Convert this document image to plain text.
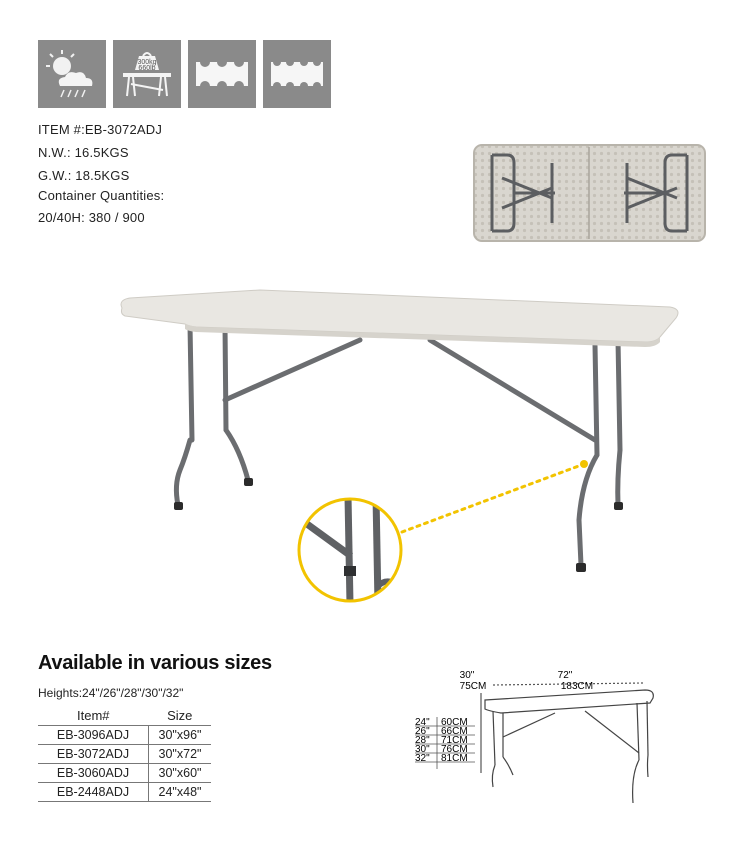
300kg
660lb
ITEM #:EB-3072ADJ
N.W.: 16.5KGS
G.W.: 18.5KGS
Container Quantities:
20/40H: 380 / 900
Available in various sizes
Heights:24"/26"/28"/30"/32"
Item#	Size
EB-3096ADJ	30"x96"
EB-3072ADJ	30"x72"
EB-3060ADJ	30"x60"
EB-2448ADJ	24"x48"
30"
75CM
72"
183CM
24" 60CM
26" 66CM
28" 71CM
30" 76CM
32" 81CM
